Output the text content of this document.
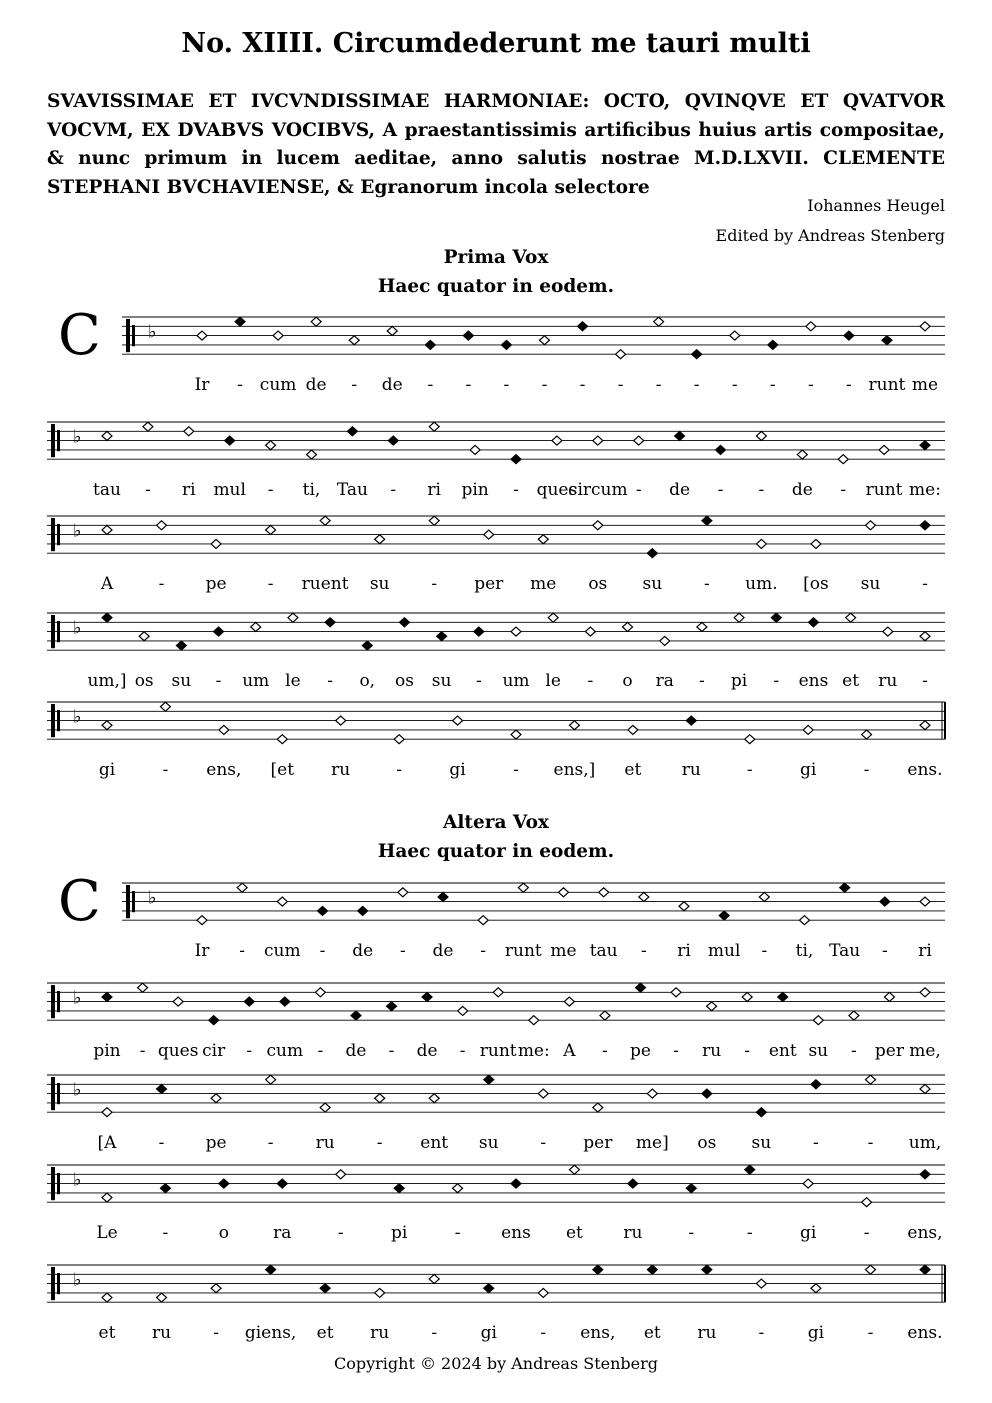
No. XIIII. Circumdederunt me tauri multi
SVAVISSIMAE ET IVCVNDISSIMAE HARMONIAE: OCTO, QVINQVE ET QVATVOR VOCVM, EX DVABVS VOCIBVS, A praestantissimis artificibus huius artis compositae, & nunc primum in lucem aeditae, anno salutis nostrae M.D.LXVII. CLEMENTE STEPHANI BVCHAVIENSE, & Egranorum incola selectore
Iohannes Heugel
Edited by Andreas Stenberg
Prima Vox
Haec quator in eodem.
Altera Vox
Haec quator in eodem.
C
C
♭
Ir - cum de - de - - - - - - - - - - - - runt me
♭
tau - ri mul - ti, Tau - ri pin - ques
circum - de - - de - runt me:
♭
A	- pe - ruent su - per me os su - um. [os su -
♭
um,] os su - um le - o, os su - um le - o ra - pi - ens et ru -
♭
gi	- ens, [et ru	-	gi	- ens,] et ru	-	gi	- ens.
♭
Ir - cum - de - de - runt me tau - ri mul - ti, Tau - ri
♭
pin - ques cir - cum - de - de - runt me: A - pe - ru - ent su - per me,
♭
[A - pe - ru - ent su - per me] os su -	- um,
♭
Le	-	o	ra	-	pi	- ens et ru	-	-	gi	- ens,
♭
et ru - giens, et ru -	gi	- ens, et ru -	gi	- ens.
Copyright © 2024 by Andreas Stenberg
